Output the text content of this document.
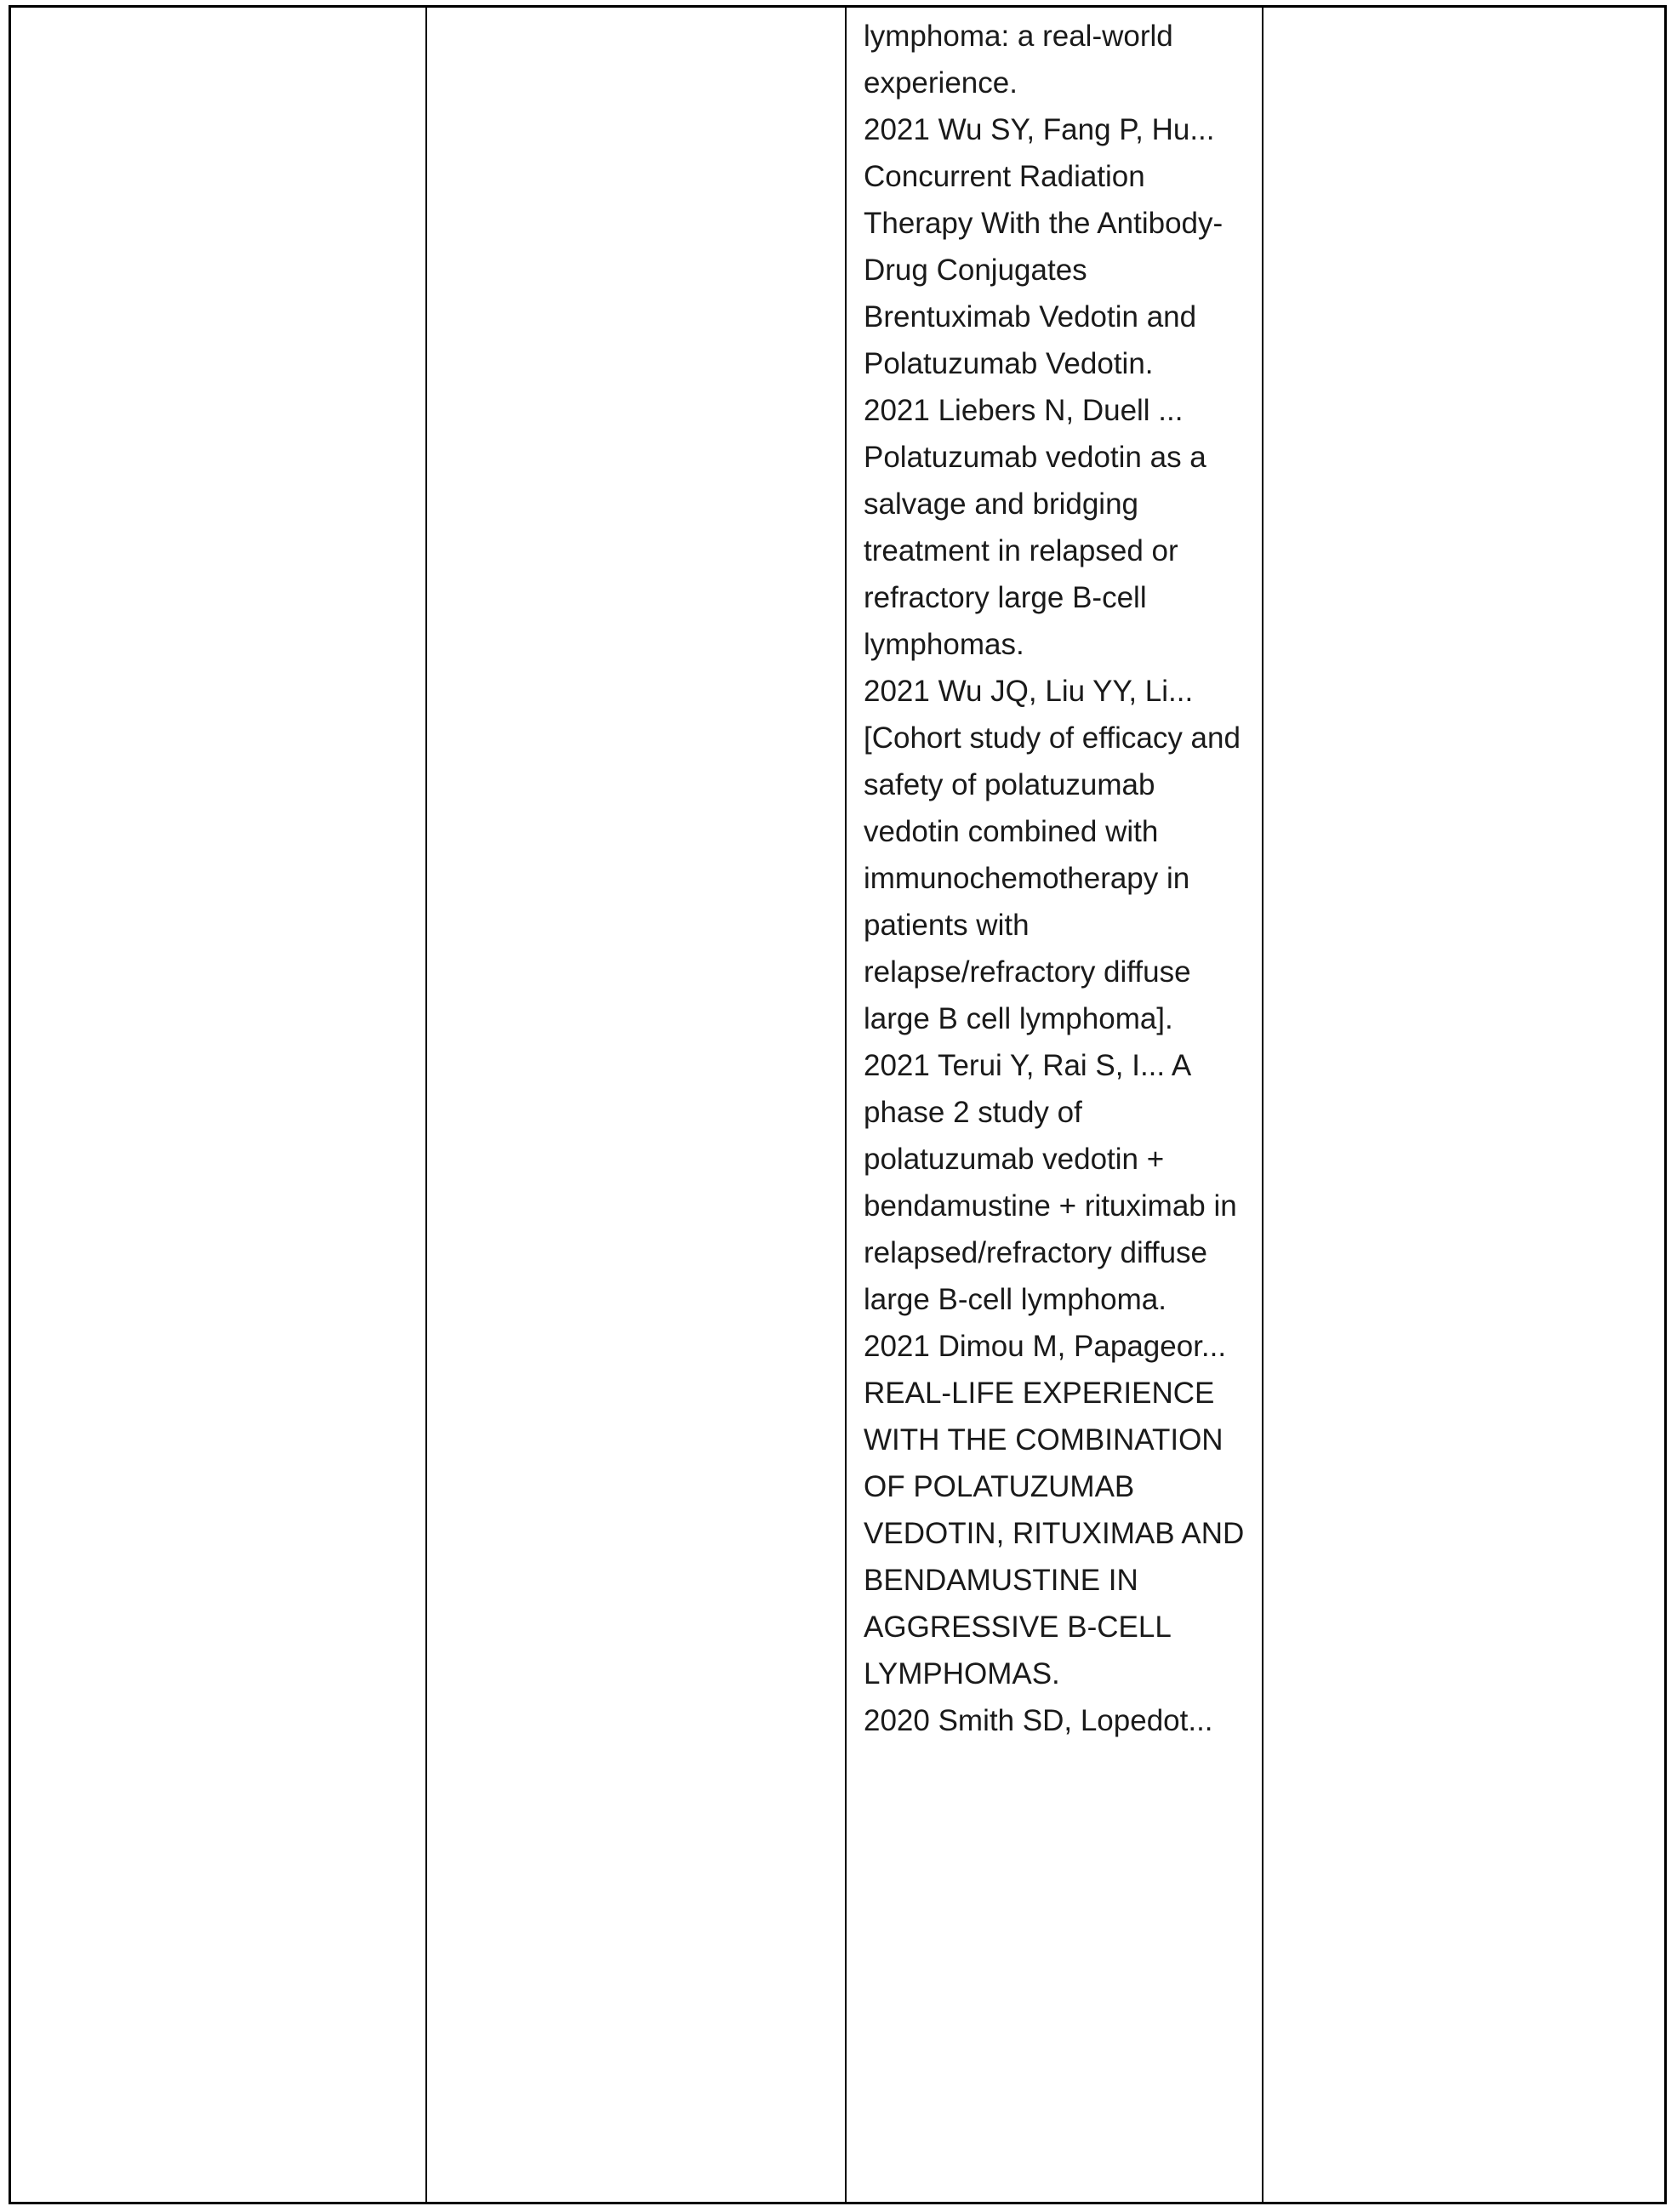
lymphoma: a real-world experience.

2021 Wu SY, Fang P, Hu... Concurrent Radiation Therapy With the Antibody-Drug Conjugates Brentuximab Vedotin and Polatuzumab Vedotin.

2021 Liebers N, Duell ... Polatuzumab vedotin as a salvage and bridging treatment in relapsed or refractory large B-cell lymphomas.

2021 Wu JQ, Liu YY, Li... [Cohort study of efficacy and safety of polatuzumab vedotin combined with immunochemotherapy in patients with relapse/refractory diffuse large B cell lymphoma].

2021 Terui Y, Rai S, I... A phase 2 study of polatuzumab vedotin + bendamustine + rituximab in relapsed/refractory diffuse large B-cell lymphoma.

2021 Dimou M, Papageor... REAL-LIFE EXPERIENCE WITH THE COMBINATION OF POLATUZUMAB VEDOTIN, RITUXIMAB AND BENDAMUSTINE IN AGGRESSIVE B-CELL LYMPHOMAS.

2020 Smith SD, Lopedot...
